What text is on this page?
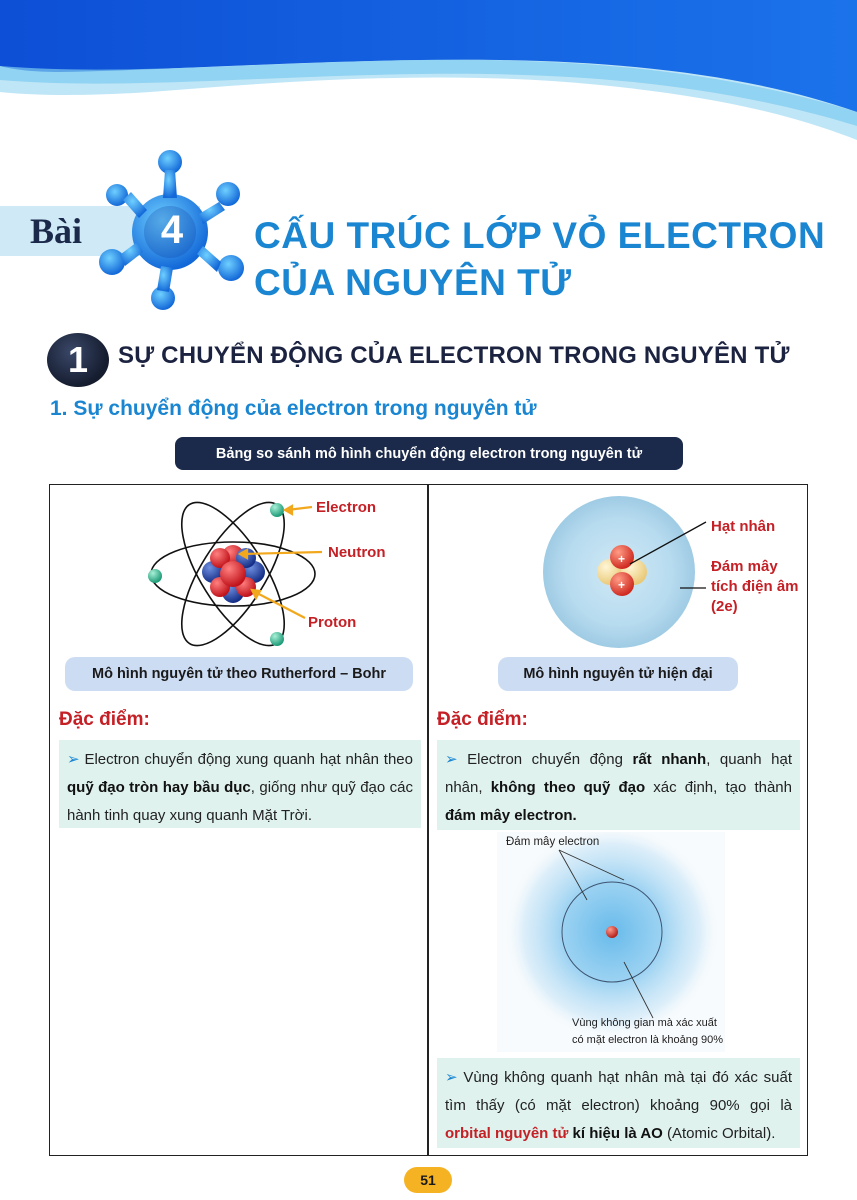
Bài 4 CẤU TRÚC LỚP VỎ ELECTRON
CỦA NGUYÊN TỬ
1 SỰ CHUYỂN ĐỘNG CỦA ELECTRON TRONG NGUYÊN TỬ
1. Sự chuyển động của electron trong nguyên tử
Bảng so sánh mô hình chuyển động electron trong nguyên tử
Electron
Neutron
Proton
Mô hình nguyên tử theo Rutherford – Bohr
Đặc điểm:
➢ Electron chuyển động xung quanh hạt nhân theo quỹ đạo tròn hay bầu dục, giống như quỹ đạo các hành tinh quay xung quanh Mặt Trời.
+
+
Hạt nhân
Đám mây
tích điện âm
(2e)
Mô hình nguyên tử hiện đại
Đặc điểm:
➢ Electron chuyển động rất nhanh, quanh hạt nhân, không theo quỹ đạo xác định, tạo thành đám mây electron.
Đám mây electron
Vùng không gian mà xác xuất
có mặt electron là khoảng 90%
➢ Vùng không quanh hạt nhân mà tại đó xác suất tìm thấy (có mặt electron) khoảng 90% gọi là orbital nguyên tử kí hiệu là AO (Atomic Orbital).
51
